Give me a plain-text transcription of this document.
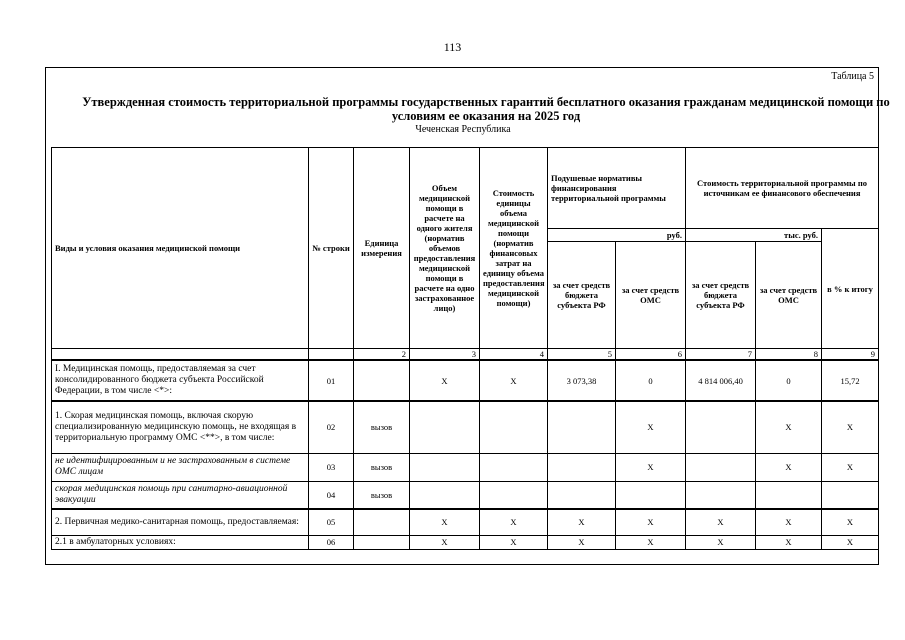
113
Таблица 5
Утвержденная стоимость территориальной программы государственных гарантий бесплатного оказания гражданам медицинской помощи по условиям ее оказания на 2025 год
Чеченская Республика
Виды и условия оказания медицинской помощи	№ строки	Единица измерения	Объем медицинской помощи в расчете на одного жителя (норматив объемов предоставления медицинской помощи в расчете на одно застрахованное лицо)	Стоимость единицы объема медицинской помощи (норматив финансовых затрат на единицу объема предоставления медицинской помощи)	Подушевые нормативы финансирования территориальной программы		Стоимость территориальной программы по источникам ее финансового обеспечения		
					руб.		тыс. руб.		в % к итогу
					за счет средств бюджета субъекта РФ	за счет средств ОМС	за счет средств бюджета субъекта РФ	за счет средств ОМС	
		2	3	4	5	6	7	8	9
I. Медицинская помощь, предоставляемая за счет консолидированного бюджета субъекта Российской Федерации, в том числе <*>:	01		X	X	3 073,38	0	4 814 006,40	0	15,72
1. Скорая медицинская помощь, включая скорую специализированную медицинскую помощь, не входящая в территориальную программу ОМС <**>, в том числе:	02	вызов				X		X	X
не идентифицированным и не застрахованным в системе ОМС лицам	03	вызов				X		X	X
скорая медицинская помощь при санитарно-авиационной эвакуации	04	вызов							
2. Первичная медико-санитарная помощь, предоставляемая:	05		X	X	X	X	X	X	X
2.1 в амбулаторных условиях:	06		X	X	X	X	X	X	X
